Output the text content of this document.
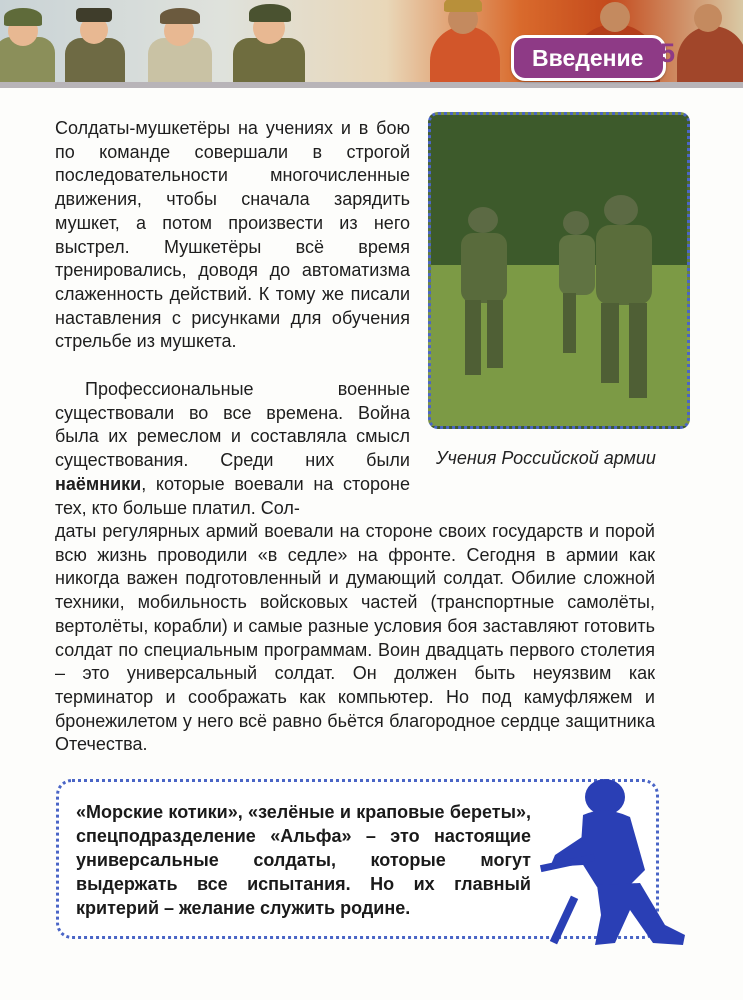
Введение 5

Солдаты-мушкетёры на учениях и в бою по команде совершали в строгой последовательности многочисленные движения, чтобы сначала зарядить мушкет, а потом произвести из него выстрел. Мушкетёры всё время тренировались, доводя до автоматизма слаженность действий. К тому же писали наставления с рисунками для обучения стрельбе из мушкета.

Профессиональные военные существовали во все времена. Война была их ремеслом и составляла смысл существования. Среди них были наёмники, которые воевали на стороне тех, кто больше платил. Сол-

даты регулярных армий воевали на стороне своих государств и порой всю жизнь проводили «в седле» на фронте. Сегодня в армии как никогда важен подготовленный и думающий солдат. Обилие сложной техники, мобильность войсковых частей (транспортные самолёты, вертолёты, корабли) и самые разные условия боя заставляют готовить солдат по специальным программам. Воин двадцать первого столетия – это универсальный солдат. Он должен быть неуязвим как терминатор и соображать как компьютер. Но под камуфляжем и бронежилетом у него всё равно бьётся благородное сердце защитника Отечества.

Учения Российской армии
«Морские котики», «зелёные и краповые береты», спецподразделение «Альфа» – это настоящие универсальные солдаты, которые могут выдержать все испытания. Но их главный критерий – желание служить родине.
